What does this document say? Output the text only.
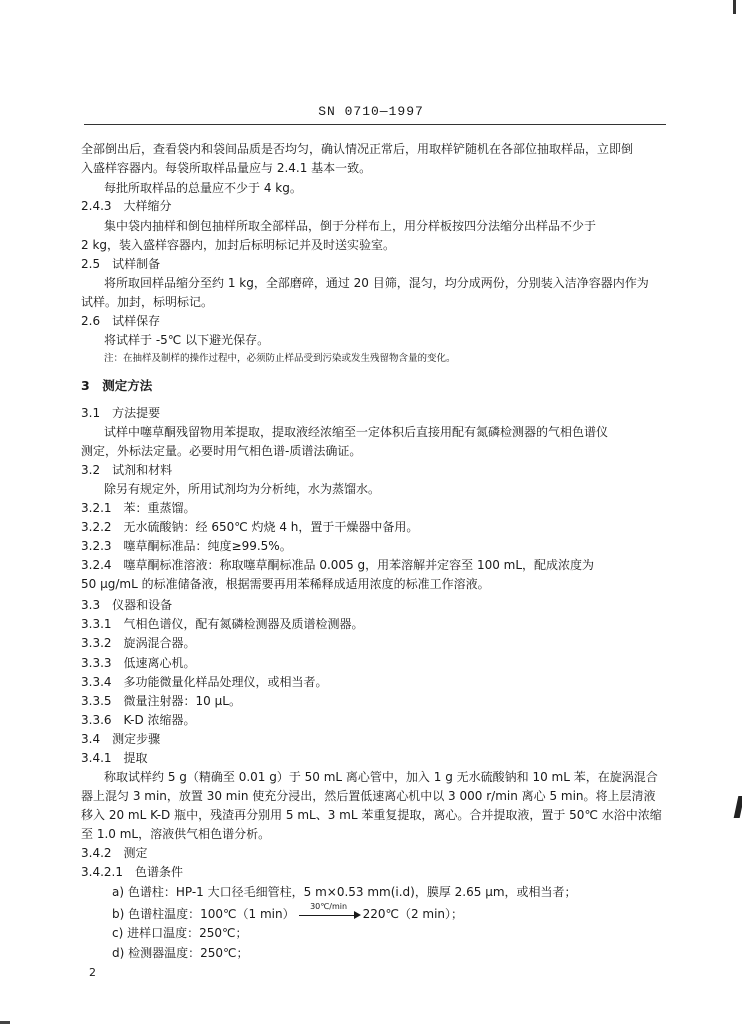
SN 0710—1997
全部倒出后，查看袋内和袋间品质是否均匀，确认情况正常后，用取样铲随机在各部位抽取样品，立即倒
入盛样容器内。每袋所取样品量应与 2.4.1 基本一致。
每批所取样品的总量应不少于 4 kg。
2.4.3　大样缩分
集中袋内抽样和倒包抽样所取全部样品，倒于分样布上，用分样板按四分法缩分出样品不少于
2 kg，装入盛样容器内，加封后标明标记并及时送实验室。
2.5　试样制备
将所取回样品缩分至约 1 kg，全部磨碎，通过 20 目筛，混匀，均分成两份，分别装入洁净容器内作为
试样。加封，标明标记。
2.6　试样保存
将试样于 -5℃ 以下避光保存。
注：在抽样及制样的操作过程中，必须防止样品受到污染或发生残留物含量的变化。
3　测定方法
3.1　方法提要
试样中噻草酮残留物用苯提取，提取液经浓缩至一定体积后直接用配有氮磷检测器的气相色谱仪
测定，外标法定量。必要时用气相色谱-质谱法确证。
3.2　试剂和材料
除另有规定外，所用试剂均为分析纯，水为蒸馏水。
3.2.1　苯：重蒸馏。
3.2.2　无水硫酸钠：经 650℃ 灼烧 4 h，置于干燥器中备用。
3.2.3　噻草酮标准品：纯度≥99.5%。
3.2.4　噻草酮标准溶液：称取噻草酮标准品 0.005 g，用苯溶解并定容至 100 mL，配成浓度为
50 μg/mL 的标准储备液，根据需要再用苯稀释成适用浓度的标准工作溶液。
3.3　仪器和设备
3.3.1　气相色谱仪，配有氮磷检测器及质谱检测器。
3.3.2　旋涡混合器。
3.3.3　低速离心机。
3.3.4　多功能微量化样品处理仪，或相当者。
3.3.5　微量注射器：10 μL。
3.3.6　K-D 浓缩器。
3.4　测定步骤
3.4.1　提取
称取试样约 5 g（精确至 0.01 g）于 50 mL 离心管中，加入 1 g 无水硫酸钠和 10 mL 苯，在旋涡混合
器上混匀 3 min，放置 30 min 使充分浸出，然后置低速离心机中以 3 000 r/min 离心 5 min。将上层清液
移入 20 mL K-D 瓶中，残渣再分别用 5 mL、3 mL 苯重复提取，离心。合并提取液，置于 50℃ 水浴中浓缩
至 1.0 mL，溶液供气相色谱分析。
3.4.2　测定
3.4.2.1　色谱条件
a) 色谱柱：HP-1 大口径毛细管柱，5 m×0.53 mm(i.d)，膜厚 2.65 μm，或相当者；
b) 色谱柱温度：100℃（1 min）
30℃/min
220℃（2 min）；
c) 进样口温度：250℃；
d) 检测器温度：250℃；
2
